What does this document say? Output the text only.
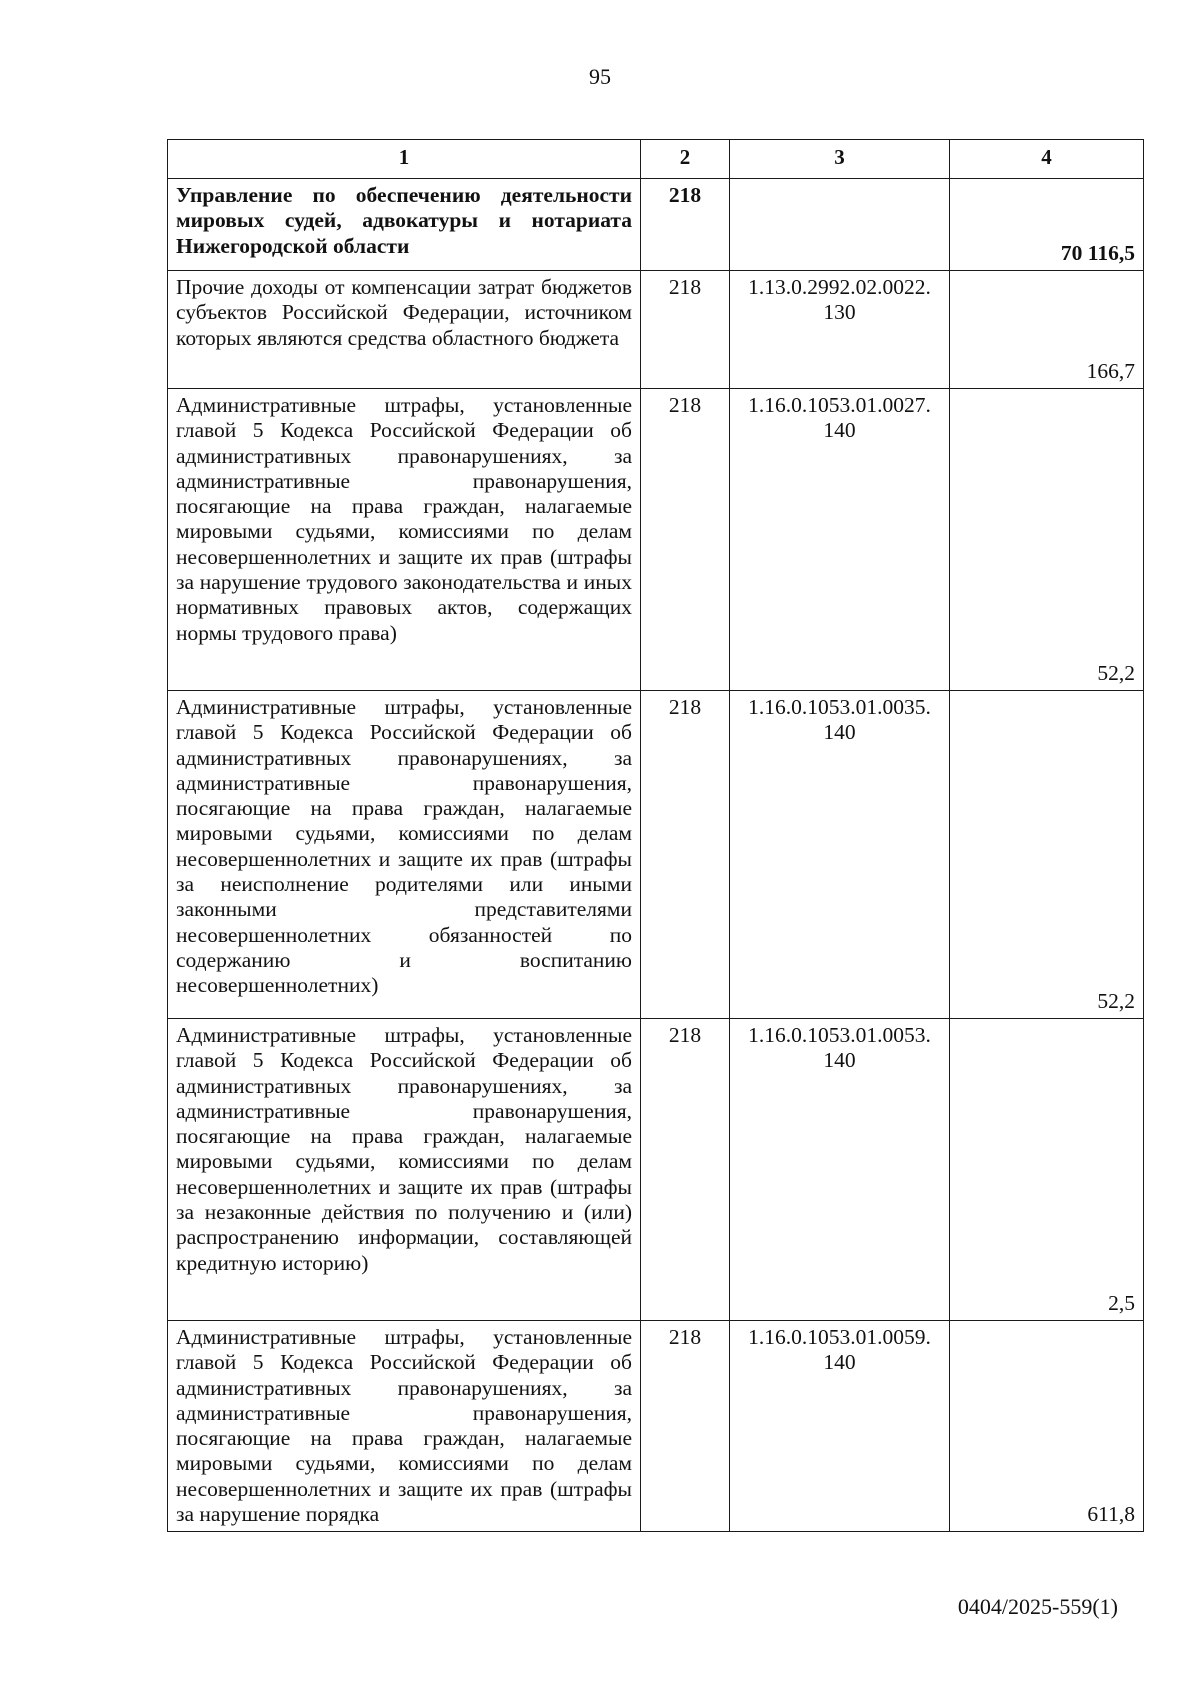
95
1	2	3	4
Управление по обеспечению деятельности мировых судей, адвокатуры и нотариата Нижегородской области	218		70 116,5
Прочие доходы от компенсации затрат бюджетов субъектов Российской Федерации, источником которых являются средства областного бюджета	218	1.13.0.2992.02.0022. 130	166,7
Административные штрафы, установленные главой 5 Кодекса Российской Федерации об административных правонарушениях, за административные правонарушения, посягающие на права граждан, налагаемые мировыми судьями, комиссиями по делам несовершеннолетних и защите их прав (штрафы за нарушение трудового законодательства и иных нормативных правовых актов, содержащих нормы трудового права)	218	1.16.0.1053.01.0027. 140	52,2
Административные штрафы, установленные главой 5 Кодекса Российской Федерации об административных правонарушениях, за административные правонарушения, посягающие на права граждан, налагаемые мировыми судьями, комиссиями по делам несовершеннолетних и защите их прав (штрафы за неисполнение родителями или иными законными представителями несовершеннолетних обязанностей по содержанию и воспитанию несовершеннолетних)	218	1.16.0.1053.01.0035. 140	52,2
Административные штрафы, установленные главой 5 Кодекса Российской Федерации об административных правонарушениях, за административные правонарушения, посягающие на права граждан, налагаемые мировыми судьями, комиссиями по делам несовершеннолетних и защите их прав (штрафы за незаконные действия по получению и (или) распространению информации, составляющей кредитную историю)	218	1.16.0.1053.01.0053. 140	2,5
Административные штрафы, установленные главой 5 Кодекса Российской Федерации об административных правонарушениях, за административные правонарушения, посягающие на права граждан, налагаемые мировыми судьями, комиссиями по делам несовершеннолетних и защите их прав (штрафы за нарушение порядка	218	1.16.0.1053.01.0059. 140	611,8
0404/2025-559(1)
